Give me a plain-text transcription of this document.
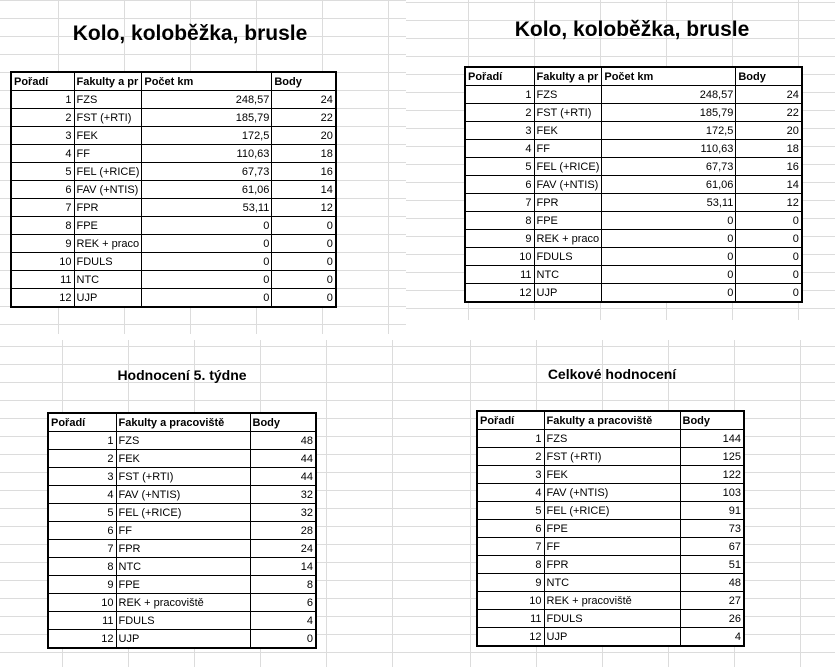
Kolo, koloběžka, brusle
Pořadí	Fakulty a pr	Počet km	Body
1	FZS	248,57	24
2	FST (+RTI)	185,79	22
3	FEK	172,5	20
4	FF	110,63	18
5	FEL (+RICE)	67,73	16
6	FAV (+NTIS)	61,06	14
7	FPR	53,11	12
8	FPE	0	0
9	REK + praco	0	0
10	FDULS	0	0
11	NTC	0	0
12	UJP	0	0
Kolo, koloběžka, brusle
Pořadí	Fakulty a pr	Počet km	Body
1	FZS	248,57	24
2	FST (+RTI)	185,79	22
3	FEK	172,5	20
4	FF	110,63	18
5	FEL (+RICE)	67,73	16
6	FAV (+NTIS)	61,06	14
7	FPR	53,11	12
8	FPE	0	0
9	REK + praco	0	0
10	FDULS	0	0
11	NTC	0	0
12	UJP	0	0
Hodnocení 5. týdne
Pořadí	Fakulty a pracoviště	Body
1	FZS	48
2	FEK	44
3	FST (+RTI)	44
4	FAV (+NTIS)	32
5	FEL (+RICE)	32
6	FF	28
7	FPR	24
8	NTC	14
9	FPE	8
10	REK + pracoviště	6
11	FDULS	4
12	UJP	0
Celkové hodnocení
Pořadí	Fakulty a pracoviště	Body
1	FZS	144
2	FST (+RTI)	125
3	FEK	122
4	FAV (+NTIS)	103
5	FEL (+RICE)	91
6	FPE	73
7	FF	67
8	FPR	51
9	NTC	48
10	REK + pracoviště	27
11	FDULS	26
12	UJP	4
